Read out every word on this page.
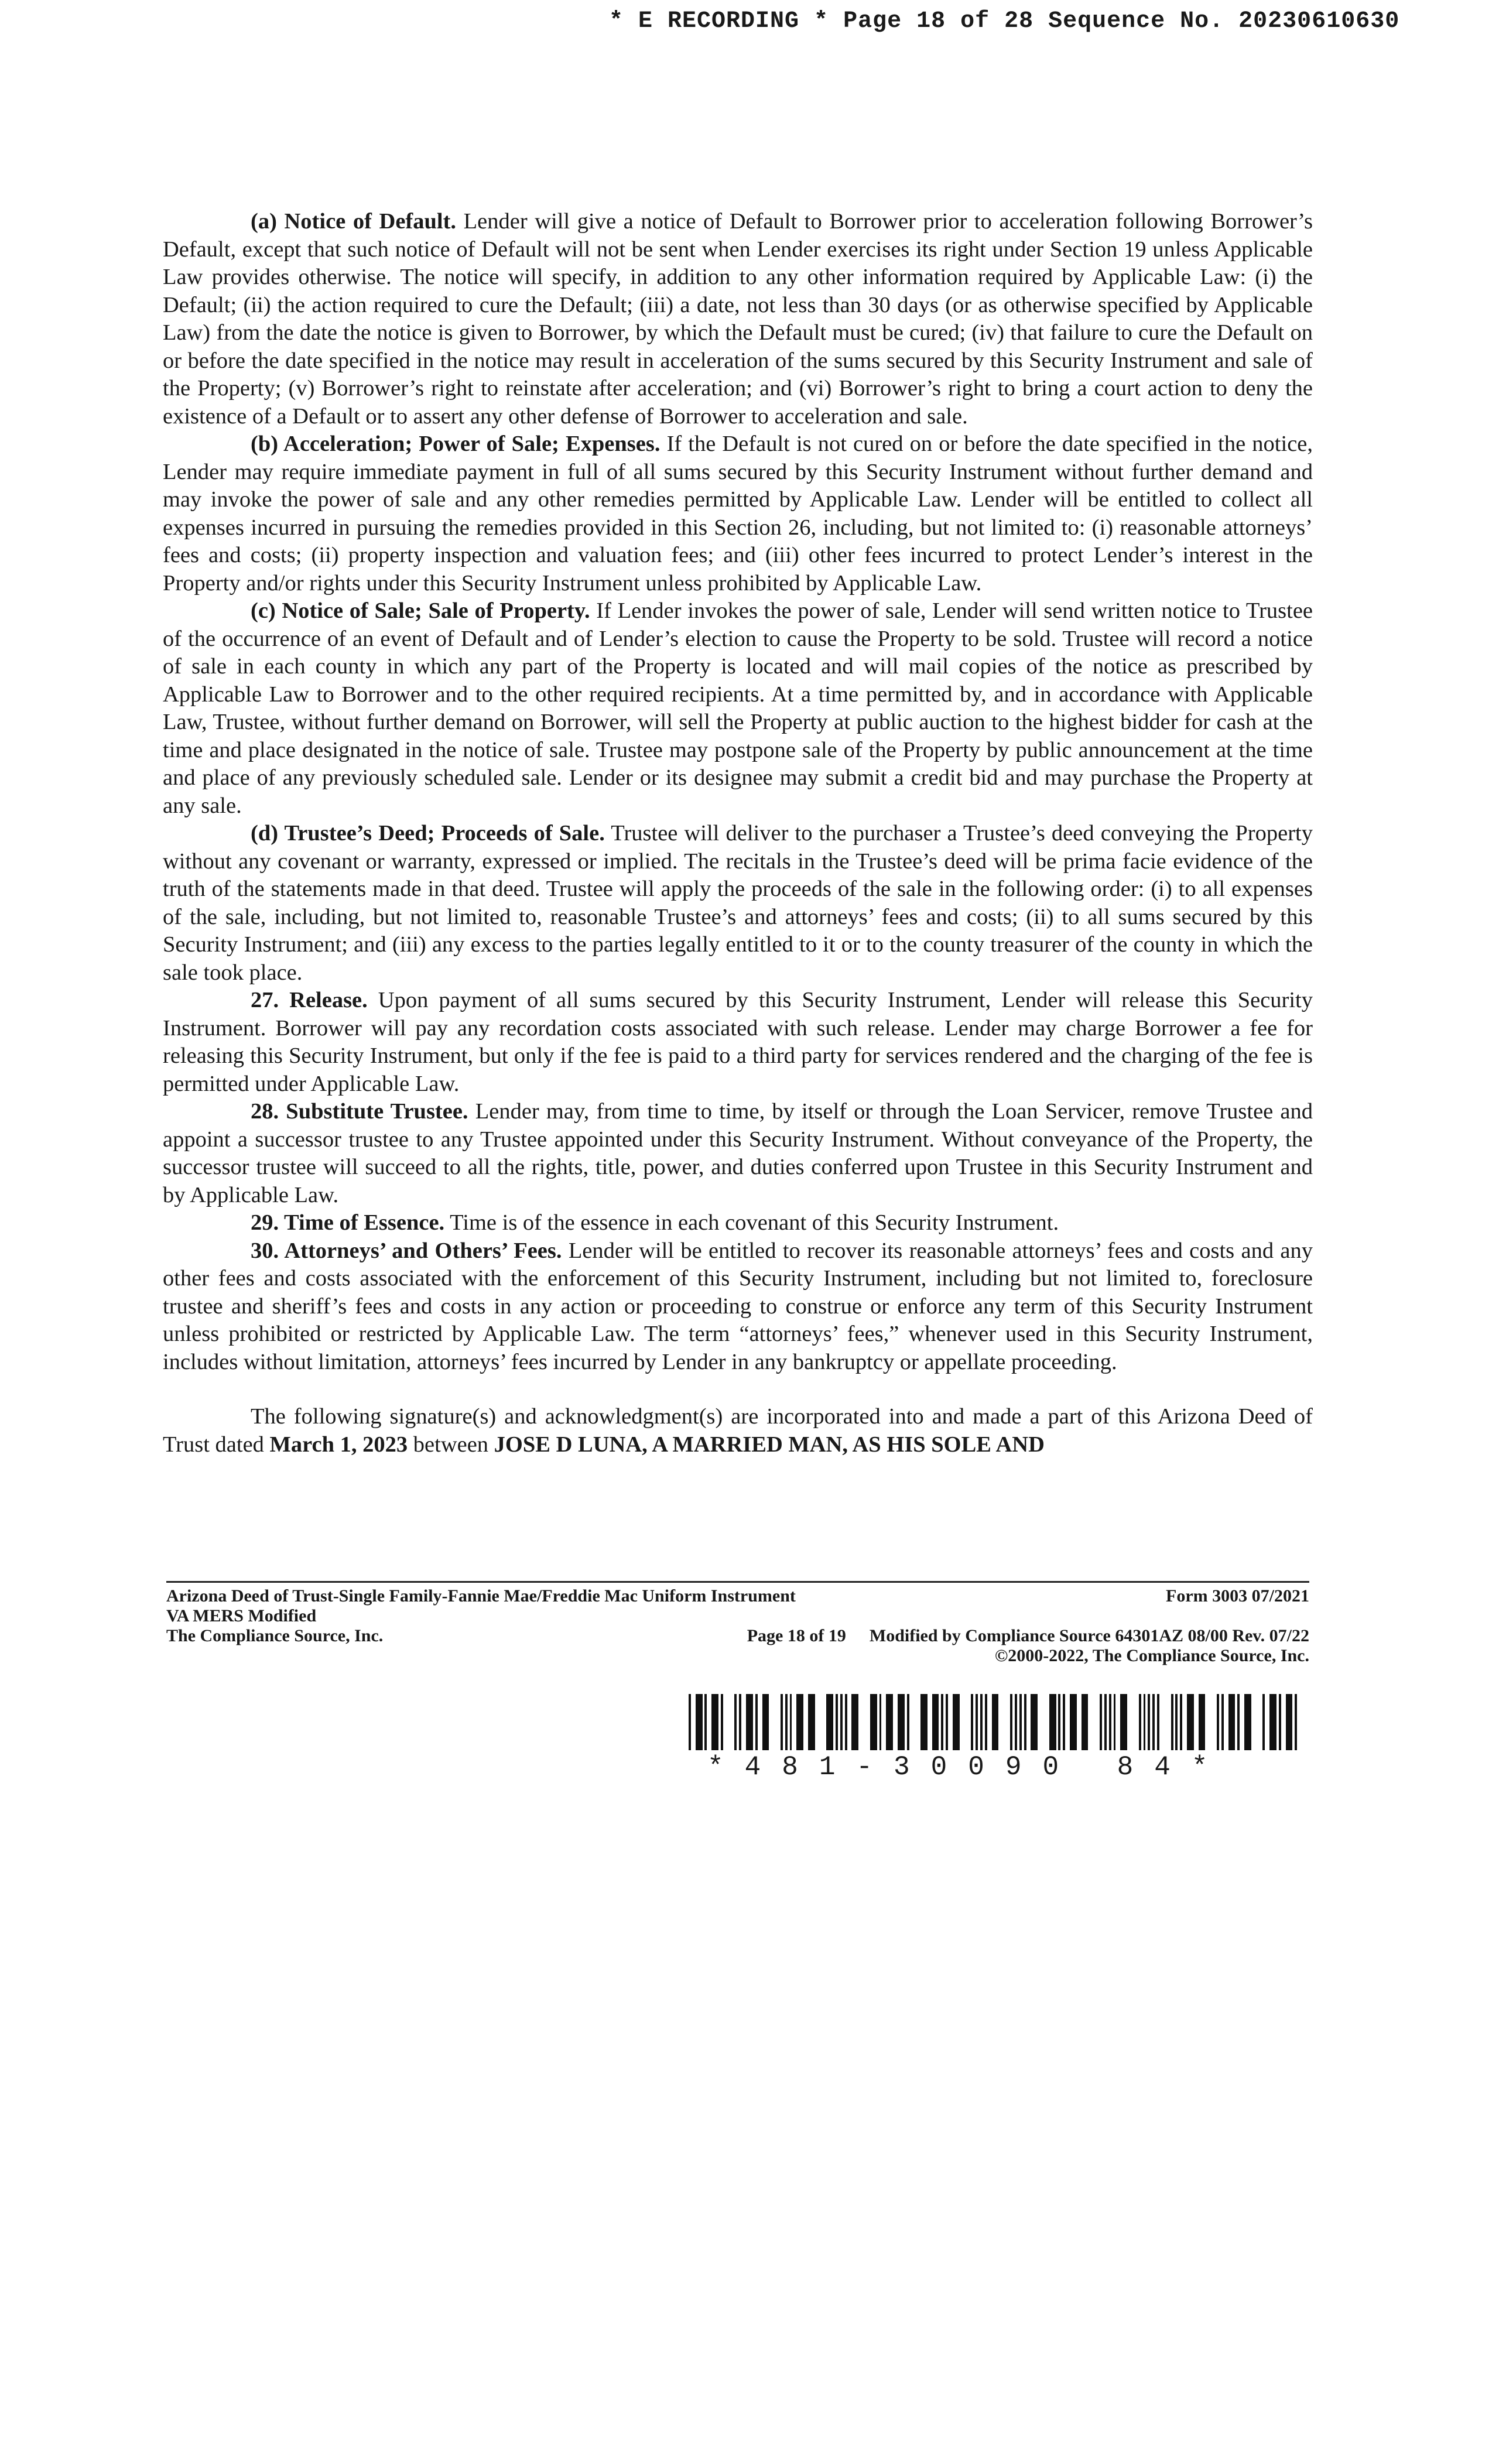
* E RECORDING * Page 18 of 28 Sequence No. 20230610630

(a) Notice of Default. Lender will give a notice of Default to Borrower prior to acceleration following Borrower’s Default, except that such notice of Default will not be sent when Lender exercises its right under Section 19 unless Applicable Law provides otherwise. The notice will specify, in addition to any other information required by Applicable Law: (i) the Default; (ii) the action required to cure the Default; (iii) a date, not less than 30 days (or as otherwise specified by Applicable Law) from the date the notice is given to Borrower, by which the Default must be cured; (iv) that failure to cure the Default on or before the date specified in the notice may result in acceleration of the sums secured by this Security Instrument and sale of the Property; (v) Borrower’s right to reinstate after acceleration; and (vi) Borrower’s right to bring a court action to deny the existence of a Default or to assert any other defense of Borrower to acceleration and sale.

(b) Acceleration; Power of Sale; Expenses. If the Default is not cured on or before the date specified in the notice, Lender may require immediate payment in full of all sums secured by this Security Instrument without further demand and may invoke the power of sale and any other remedies permitted by Applicable Law. Lender will be entitled to collect all expenses incurred in pursuing the remedies provided in this Section 26, including, but not limited to: (i) reasonable attorneys’ fees and costs; (ii) property inspection and valuation fees; and (iii) other fees incurred to protect Lender’s interest in the Property and/or rights under this Security Instrument unless prohibited by Applicable Law.

(c) Notice of Sale; Sale of Property. If Lender invokes the power of sale, Lender will send written notice to Trustee of the occurrence of an event of Default and of Lender’s election to cause the Property to be sold. Trustee will record a notice of sale in each county in which any part of the Property is located and will mail copies of the notice as prescribed by Applicable Law to Borrower and to the other required recipients. At a time permitted by, and in accordance with Applicable Law, Trustee, without further demand on Borrower, will sell the Property at public auction to the highest bidder for cash at the time and place designated in the notice of sale. Trustee may postpone sale of the Property by public announcement at the time and place of any previously scheduled sale. Lender or its designee may submit a credit bid and may purchase the Property at any sale.

(d) Trustee’s Deed; Proceeds of Sale. Trustee will deliver to the purchaser a Trustee’s deed conveying the Property without any covenant or warranty, expressed or implied. The recitals in the Trustee’s deed will be prima facie evidence of the truth of the statements made in that deed. Trustee will apply the proceeds of the sale in the following order: (i) to all expenses of the sale, including, but not limited to, reasonable Trustee’s and attorneys’ fees and costs; (ii) to all sums secured by this Security Instrument; and (iii) any excess to the parties legally entitled to it or to the county treasurer of the county in which the sale took place.

27. Release. Upon payment of all sums secured by this Security Instrument, Lender will release this Security Instrument. Borrower will pay any recordation costs associated with such release. Lender may charge Borrower a fee for releasing this Security Instrument, but only if the fee is paid to a third party for services rendered and the charging of the fee is permitted under Applicable Law.

28. Substitute Trustee. Lender may, from time to time, by itself or through the Loan Servicer, remove Trustee and appoint a successor trustee to any Trustee appointed under this Security Instrument. Without conveyance of the Property, the successor trustee will succeed to all the rights, title, power, and duties conferred upon Trustee in this Security Instrument and by Applicable Law.

29. Time of Essence. Time is of the essence in each covenant of this Security Instrument.

30. Attorneys’ and Others’ Fees. Lender will be entitled to recover its reasonable attorneys’ fees and costs and any other fees and costs associated with the enforcement of this Security Instrument, including but not limited to, foreclosure trustee and sheriff’s fees and costs in any action or proceeding to construe or enforce any term of this Security Instrument unless prohibited or restricted by Applicable Law. The term “attorneys’ fees,” whenever used in this Security Instrument, includes without limitation, attorneys’ fees incurred by Lender in any bankruptcy or appellate proceeding.

The following signature(s) and acknowledgment(s) are incorporated into and made a part of this Arizona Deed of Trust dated March 1, 2023 between JOSE D LUNA, A MARRIED MAN, AS HIS SOLE AND

Arizona Deed of Trust-Single Family-Fannie Mae/Freddie Mac Uniform Instrument	Form 3003 07/2021
VA MERS Modified
The Compliance Source, Inc.	Page 18 of 19 Modified by Compliance Source 64301AZ 08/00 Rev. 07/22
©2000-2022, The Compliance Source, Inc.
*481-30090 84*
